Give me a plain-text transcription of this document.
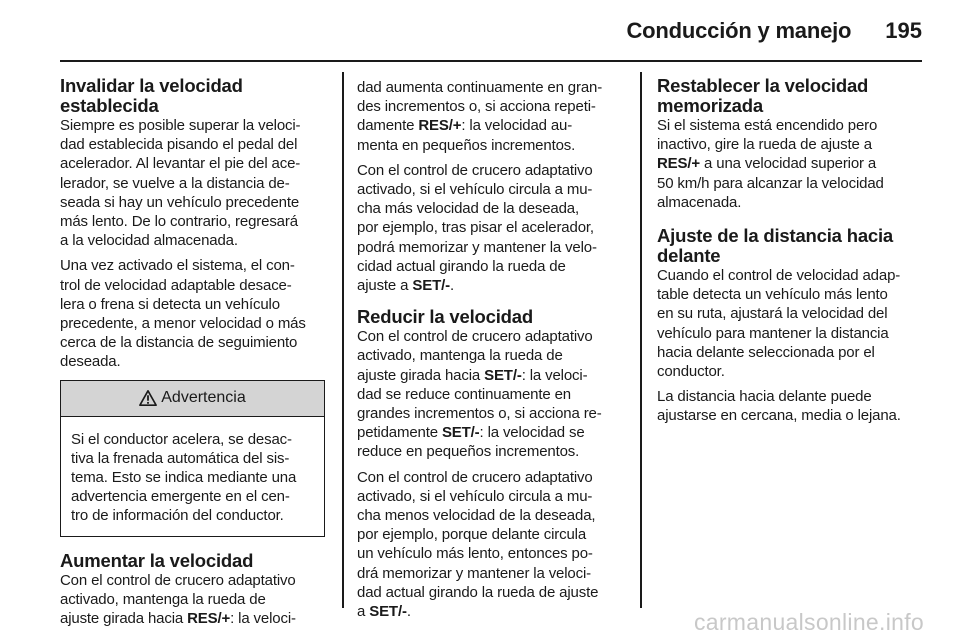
Conducción y manejo 195
Invalidar la velocidad
establecida

Siempre es posible superar la veloci-
dad establecida pisando el pedal del
acelerador. Al levantar el pie del ace-
lerador, se vuelve a la distancia de-
seada si hay un vehículo precedente
más lento. De lo contrario, regresará
a la velocidad almacenada.

Una vez activado el sistema, el con-
trol de velocidad adaptable desace-
lera o frena si detecta un vehículo
precedente, a menor velocidad o más
cerca de la distancia de seguimiento
deseada.

Advertencia

Si el conductor acelera, se desac-
tiva la frenada automática del sis-
tema. Esto se indica mediante una
advertencia emergente en el cen-
tro de información del conductor.

Aumentar la velocidad

Con el control de crucero adaptativo
activado, mantenga la rueda de
ajuste girada hacia RES/+: la veloci-

dad aumenta continuamente en gran-
des incrementos o, si acciona repeti-
damente RES/+: la velocidad au-
menta en pequeños incrementos.

Con el control de crucero adaptativo
activado, si el vehículo circula a mu-
cha más velocidad de la deseada,
por ejemplo, tras pisar el acelerador,
podrá memorizar y mantener la velo-
cidad actual girando la rueda de
ajuste a SET/-.

Reducir la velocidad

Con el control de crucero adaptativo
activado, mantenga la rueda de
ajuste girada hacia SET/-: la veloci-
dad se reduce continuamente en
grandes incrementos o, si acciona re-
petidamente SET/-: la velocidad se
reduce en pequeños incrementos.

Con el control de crucero adaptativo
activado, si el vehículo circula a mu-
cha menos velocidad de la deseada,
por ejemplo, porque delante circula
un vehículo más lento, entonces po-
drá memorizar y mantener la veloci-
dad actual girando la rueda de ajuste
a SET/-.

Restablecer la velocidad
memorizada

Si el sistema está encendido pero
inactivo, gire la rueda de ajuste a
RES/+ a una velocidad superior a
50 km/h para alcanzar la velocidad
almacenada.

Ajuste de la distancia hacia
delante

Cuando el control de velocidad adap-
table detecta un vehículo más lento
en su ruta, ajustará la velocidad del
vehículo para mantener la distancia
hacia delante seleccionada por el
conductor.

La distancia hacia delante puede
ajustarse en cercana, media o lejana.

carmanualsonline.info
